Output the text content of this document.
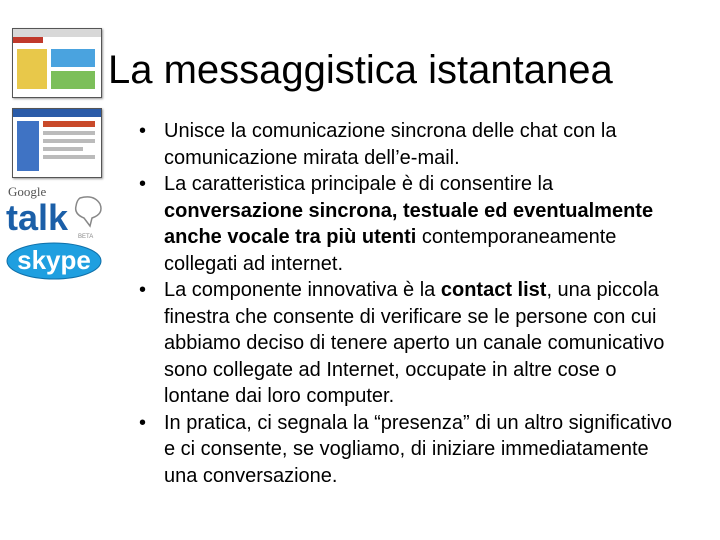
Google
talk BETA
skype
La messaggistica istantanea
• Unisce la comunicazione sincrona delle chat con la comunicazione mirata dell’e-mail.
• La caratteristica principale è di consentire la conversazione sincrona, testuale ed eventualmente anche vocale tra più utenti contemporaneamente collegati ad internet.
• La componente innovativa è la contact list, una piccola finestra che consente di verificare se le persone con cui abbiamo deciso di tenere aperto un canale comunicativo sono collegate ad Internet, occupate in altre cose o lontane dai loro computer.
• In pratica, ci segnala la “presenza” di un altro significativo e ci consente, se vogliamo, di iniziare immediatamente una conversazione.
